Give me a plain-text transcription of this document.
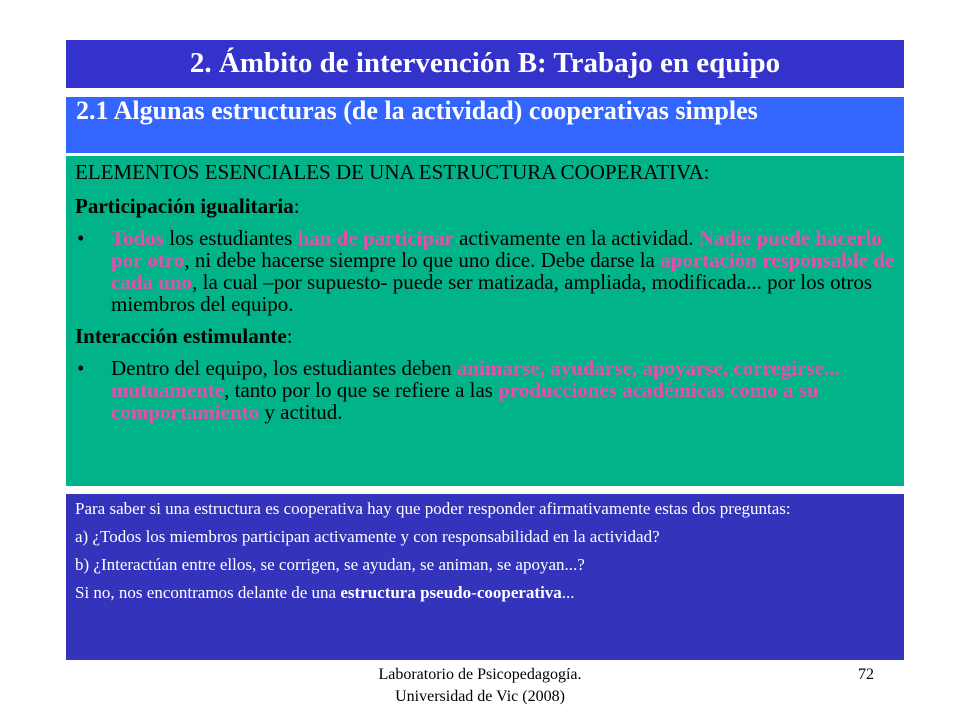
2. Ámbito de intervención B: Trabajo en equipo
2.1 Algunas estructuras (de la actividad) cooperativas simples

ELEMENTOS ESENCIALES DE UNA ESTRUCTURA COOPERATIVA:

Participación igualitaria:

• Todos los estudiantes han de participar activamente en la actividad. Nadie puede hacerlo por otro, ni debe hacerse siempre lo que uno dice. Debe darse la aportación responsable de cada uno, la cual –por supuesto- puede ser matizada, ampliada, modificada... por los otros miembros del equipo.

Interacción estimulante:

• Dentro del equipo, los estudiantes deben animarse, ayudarse, apoyarse, corregirse... mutuamente, tanto por lo que se refiere a las producciones académicas como a su comportamiento y actitud.

Para saber si una estructura es cooperativa hay que poder responder afirmativamente estas dos preguntas:

a) ¿Todos los miembros participan activamente y con responsabilidad en la actividad?

b) ¿Interactúan entre ellos, se corrigen, se ayudan, se animan, se apoyan...?

Si no, nos encontramos delante de una estructura pseudo-cooperativa...

Laboratorio de Psicopedagogía.
Universidad de Vic (2008)
72
